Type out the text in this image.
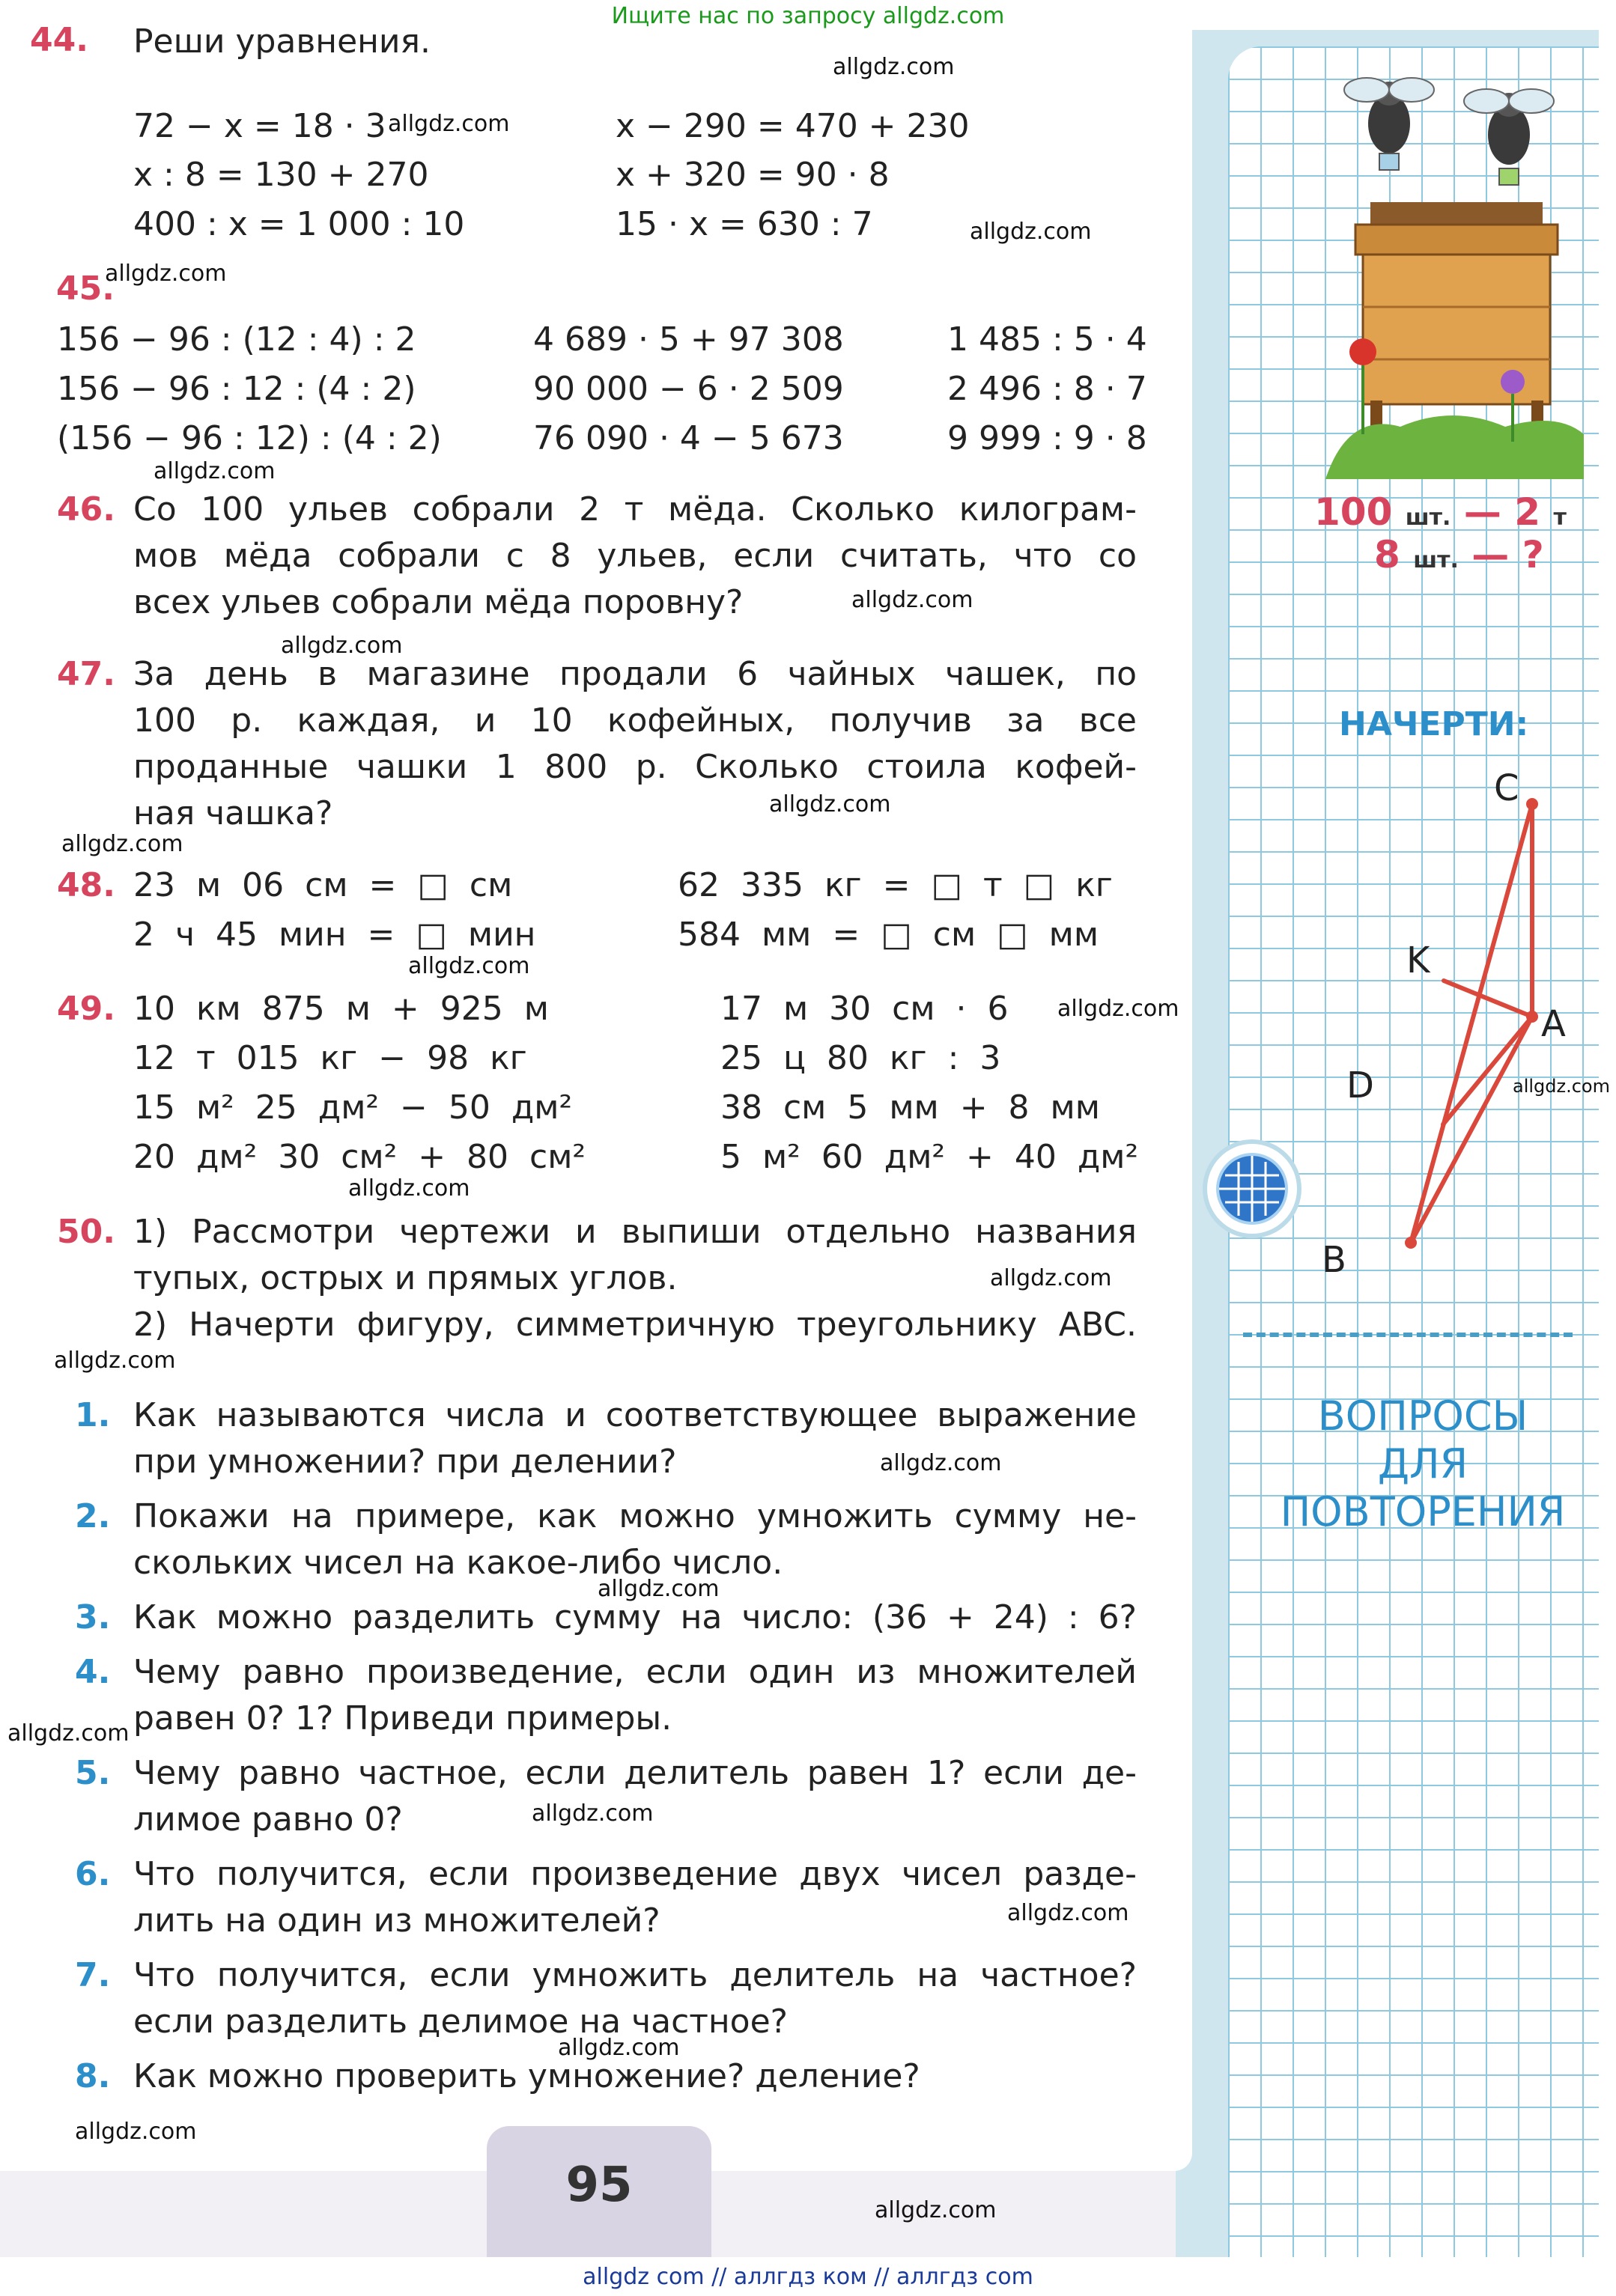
Ищите нас по запросу allgdz.com
44. Реши уравнения.
72 − x = 18 · 3	x − 290 = 470 + 230
x : 8 = 130 + 270	x + 320 = 90 · 8
400 : x = 1 000 : 10	15 · x = 630 : 7
45.
156 − 96 : (12 : 4) : 2	4 689 · 5 + 97 308	1 485 : 5 · 4
156 − 96 : 12 : (4 : 2)	90 000 − 6 · 2 509	2 496 : 8 · 7
(156 − 96 : 12) : (4 : 2)	76 090 · 4 − 5 673	9 999 : 9 · 8
46. Со 100 ульев собрали 2 т мёда. Сколько килограм-
мов мёда собрали с 8 ульев, если считать, что со
всех ульев собрали мёда поровну?
47. За день в магазине продали 6 чайных чашек, по
100 р. каждая, и 10 кофейных, получив за все
проданные чашки 1 800 р. Сколько стоила кофей-
ная чашка?
48. 23 м 06 см = □ см	62 335 кг = □ т □ кг
2 ч 45 мин = □ мин	584 мм = □ см □ мм
49. 10 км 875 м + 925 м	17 м 30 см · 6
12 т 015 кг − 98 кг	25 ц 80 кг : 3
15 м² 25 дм² − 50 дм²	38 см 5 мм + 8 мм
20 дм² 30 см² + 80 см²	5 м² 60 дм² + 40 дм²
50. 1) Рассмотри чертежи и выпиши отдельно названия
тупых, острых и прямых углов.
2) Начерти фигуру, симметричную треугольнику ABC.
1. Как называются числа и соответствующее выражение
при умножении? при делении?
2. Покажи на примере, как можно умножить сумму не-
скольких чисел на какое-либо число.
3. Как можно разделить сумму на число: (36 + 24) : 6?
4. Чему равно произведение, если один из множителей
равен 0? 1? Приведи примеры.
5. Чему равно частное, если делитель равен 1? если де-
лимое равно 0?
6. Что получится, если произведение двух чисел разде-
лить на один из множителей?
7. Что получится, если умножить делитель на частное?
если разделить делимое на частное?
8. Как можно проверить умножение? деление?
95
100 шт. — 2 т
8 шт. — ?
НАЧЕРТИ:
C
K
A
D
B
ВОПРОСЫ
ДЛЯ
ПОВТОРЕНИЯ
allgdz.com
allgdz.com
allgdz.com
allgdz.com
allgdz.com
allgdz.com
allgdz.com
allgdz.com
allgdz.com
allgdz.com
allgdz.com
allgdz.com
allgdz.com
allgdz.com
allgdz.com
allgdz.com
allgdz.com
allgdz.com
allgdz.com
allgdz.com
allgdz.com
allgdz.com
allgdz.com
allgdz com // аллгдз ком // аллгдз com
